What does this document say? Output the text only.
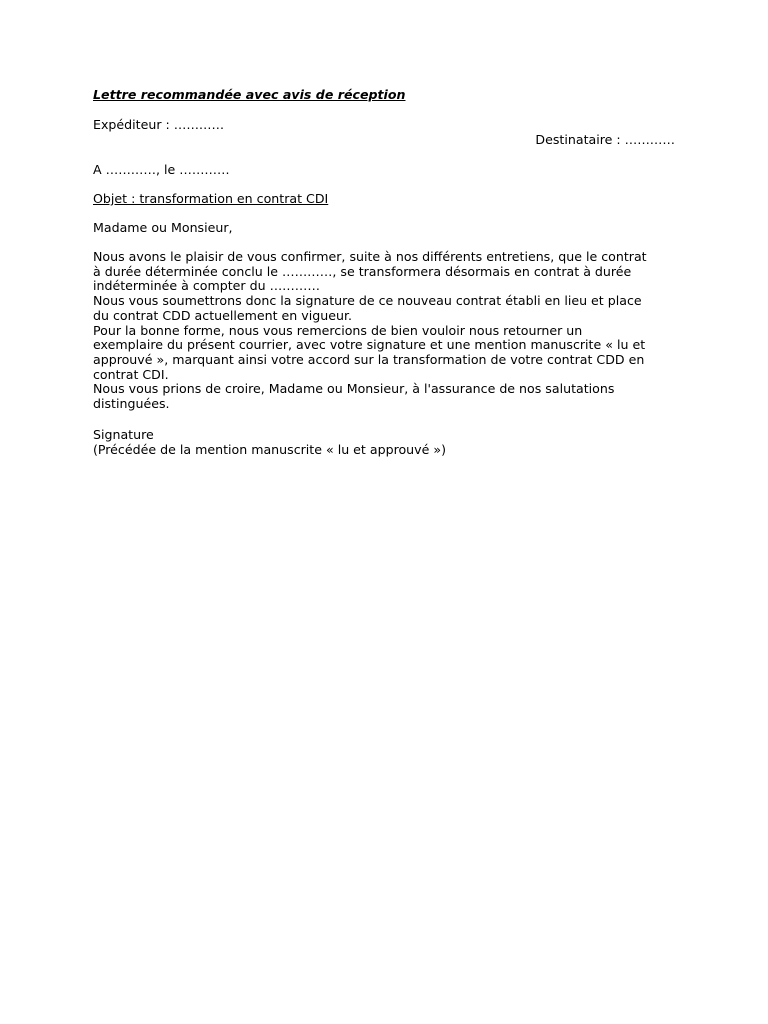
Lettre recommandée avec avis de réception
Expéditeur : …………
Destinataire : …………
A …………, le …………
Objet : transformation en contrat CDI
Madame ou Monsieur,
Nous avons le plaisir de vous confirmer, suite à nos différents entretiens, que le contrat
à durée déterminée conclu le …………, se transformera désormais en contrat à durée
indéterminée à compter du …………
Nous vous soumettrons donc la signature de ce nouveau contrat établi en lieu et place
du contrat CDD actuellement en vigueur.
Pour la bonne forme, nous vous remercions de bien vouloir nous retourner un
exemplaire du présent courrier, avec votre signature et une mention manuscrite « lu et
approuvé », marquant ainsi votre accord sur la transformation de votre contrat CDD en
contrat CDI.
Nous vous prions de croire, Madame ou Monsieur, à l'assurance de nos salutations
distinguées.
Signature
(Précédée de la mention manuscrite « lu et approuvé »)
